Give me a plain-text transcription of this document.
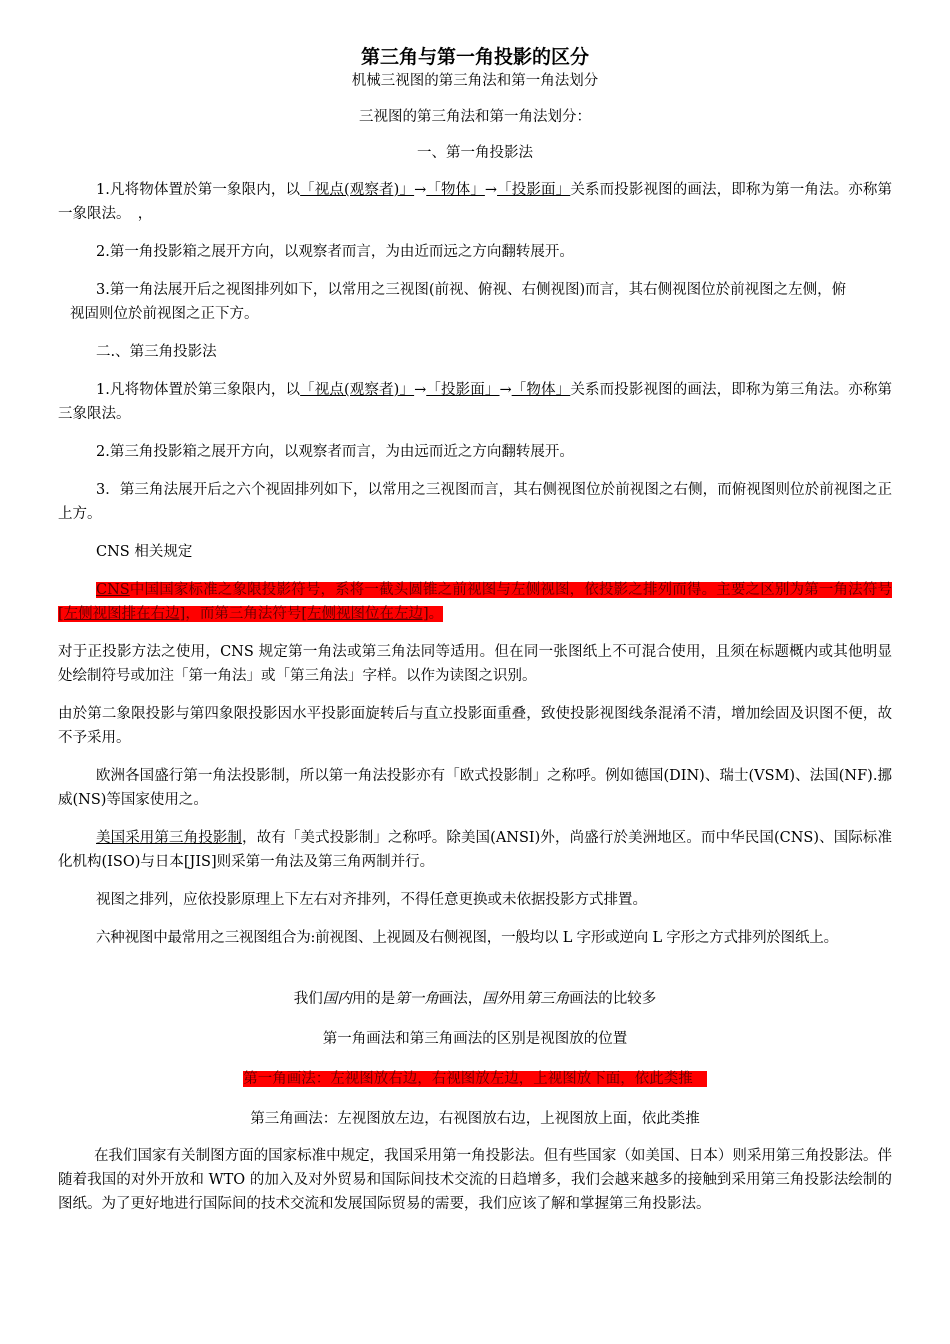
第三角与第一角投影的区分

机械三视图的第三角法和第一角法划分

三视图的第三角法和第一角法划分：

一、第一角投影法

1.凡将物体置於第一象限内，以「视点(观察者)」→「物体」→「投影面」关系而投影视图的画法，即称为第一角法。亦称第一象限法。　，

2.第一角投影箱之展开方向，以观察者而言，为由近而远之方向翻转展开。

3.第一角法展开后之视图排列如下，以常用之三视图(前视、俯视、右侧视图)而言，其右侧视图位於前视图之左侧，俯

视固则位於前视图之正下方。

二.、第三角投影法

1.凡将物体置於第三象限内，以「视点(观察者)」→「投影面」→「物体」关系而投影视图的画法，即称为第三角法。亦称第三象限法。

2.第三角投影箱之展开方向，以观察者而言，为由远而近之方向翻转展开。

3．第三角法展开后之六个视固排列如下，以常用之三视图而言，其右侧视图位於前视图之右侧，而俯视图则位於前视图之正上方。

CNS 相关规定

CNS中国国家标准之象限投影符号，系将一截头圆锥之前视图与左侧视图，依投影之排列而得。主要之区别为第一角法符号[左侧视图排在右边]，而第三角法符号[左侧视图位在左边]。

对于正投影方法之使用，CNS 规定第一角法或第三角法同等适用。但在同一张图纸上不可混合使用，且须在标题概内或其他明显处绘制符号或加注「第一角法」或「第三角法」字样。以作为读图之识别。

由於第二象限投影与第四象限投影因水平投影面旋转后与直立投影面重叠，致使投影视图线条混淆不清，增加绘固及识图不便，故不予采用。

欧洲各国盛行第一角法投影制，所以第一角法投影亦有「欧式投影制」之称呼。例如德国(DIN)、瑞士(VSM)、法国(NF).挪威(NS)等国家使用之。

美国采用第三角投影制，故有「美式投影制」之称呼。除美国(ANSI)外，尚盛行於美洲地区。而中华民国(CNS)、国际标准化机构(ISO)与日本[JIS]则采第一角法及第三角两制并行。

视图之排列，应依投影原理上下左右对齐排列，不得任意更换或未依据投影方式排置。

六种视图中最常用之三视图组合为:前视图、上视圆及右侧视图，一般均以 L 字形或逆向 L 字形之方式排列於图纸上。

我们国内用的是第一角画法，国外用第三角画法的比较多

第一角画法和第三角画法的区别是视图放的位置

第一角画法：左视图放右边，右视图放左边，上视图放下面，依此类推

第三角画法：左视图放左边，右视图放右边，上视图放上面，依此类推

在我们国家有关制图方面的国家标准中规定，我国采用第一角投影法。但有些国家（如美国、日本）则采用第三角投影法。伴随着我国的对外开放和 WTO 的加入及对外贸易和国际间技术交流的日趋增多，我们会越来越多的接触到采用第三角投影法绘制的图纸。为了更好地进行国际间的技术交流和发展国际贸易的需要，我们应该了解和掌握第三角投影法。
